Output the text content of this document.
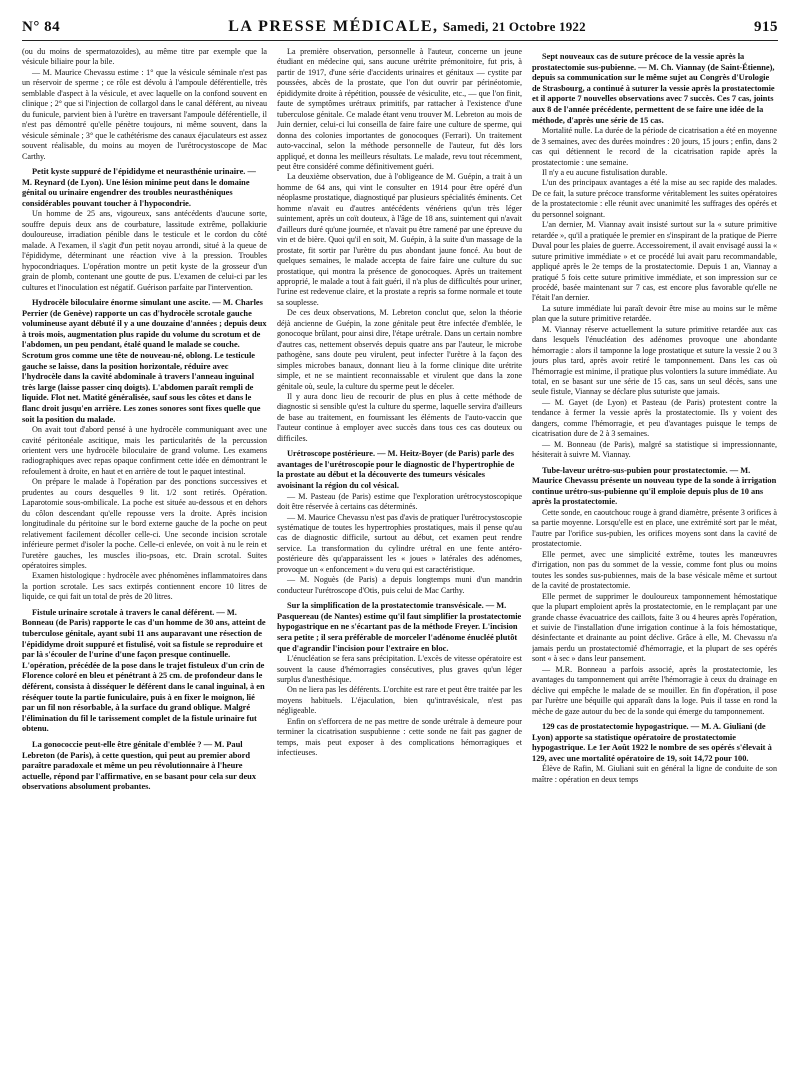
N° 84	LA PRESSE MÉDICALE, Samedi, 21 Octobre 1922	915

(ou du moins de spermatozoïdes), au même titre par exemple que la vésicule biliaire pour la bile.

— M. Maurice Chevassu estime : 1° que la vésicule séminale n'est pas un réservoir de sperme ; ce rôle est dévolu à l'ampoule déférentielle, très semblable d'aspect à la vésicule, et avec laquelle on la confond souvent en clinique ; 2° que si l'injection de collargol dans le canal déférent, au niveau du funicule, parvient bien à l'urètre en traversant l'ampoule déférentielle, il n'est pas démontré qu'elle pénètre toujours, ni même souvent, dans la vésicule séminale ; 3° que le cathétérisme des canaux éjaculateurs est assez souvent réalisable, du moins au moyen de l'urétrocystoscope de Mac Carthy.

Petit kyste suppuré de l'épididyme et neurasthénie urinaire. — M. Reynard (de Lyon). Une lésion minime peut dans le domaine génital ou urinaire engendrer des troubles neurasthéniques considérables pouvant toucher à l'hypocondrie.

Un homme de 25 ans, vigoureux, sans antécédents d'aucune sorte, souffre depuis deux ans de courbature, lassitude extrême, pollakiurie douloureuse, irradiation pénible dans le testicule et le cordon du côté malade. A l'examen, il s'agit d'un petit noyau arrondi, situé à la queue de l'épididyme, déterminant une réaction vive à la pression. Troubles hypocondriaques. L'opération montre un petit kyste de la grosseur d'un grain de plomb, contenant une goutte de pus. L'examen de celui-ci par les cultures et l'inoculation est négatif. Guérison parfaite par l'intervention.

Hydrocèle biloculaire énorme simulant une ascite. — M. Charles Perrier (de Genève) rapporte un cas d'hydrocèle scrotale gauche volumineuse ayant débuté il y a une douzaine d'années ; depuis deux à trois mois, augmentation plus rapide du volume du scrotum et de l'abdomen, un peu pendant, étalé quand le malade se couche. Scrotum gros comme une tête de nouveau-né, oblong. Le testicule gauche se laisse, dans la position horizontale, réduire avec l'hydrocèle dans la cavité abdominale à travers l'anneau inguinal très large (laisse passer cinq doigts). L'abdomen paraît rempli de liquide. Flot net. Matité généralisée, sauf sous les côtes et dans le flanc droit jusqu'en arrière. Les zones sonores sont fixes quelle que soit la position du malade.

On avait tout d'abord pensé à une hydrocèle communiquant avec une cavité péritonéale ascitique, mais les particularités de la percussion orientent vers une hydrocèle biloculaire de grand volume. Les examens radiographiques avec repas opaque confirment cette idée en démontrant le refoulement à droite, en haut et en arrière de tout le paquet intestinal.

On prépare le malade à l'opération par des ponctions successives et prudentes au cours desquelles 9 lit. 1/2 sont retirés. Opération. Laparotomie sous-ombilicale. La poche est située au-dessous et en dehors du côlon descendant qu'elle repousse vers la droite. Après incision longitudinale du péritoine sur le bord externe gauche de la poche on peut relativement facilement décoller celle-ci. Une seconde incision scrotale inférieure permet d'isoler la poche. Celle-ci enlevée, on voit à nu le rein et l'uretère gauches, les muscles ilio-psoas, etc. Drain scrotal. Suites opératoires simples.

Examen histologique : hydrocèle avec phénomènes inflammatoires dans la portion scrotale. Les sacs extirpés contiennent encore 10 litres de liquide, ce qui fait un total de près de 20 litres.

Fistule urinaire scrotale à travers le canal déférent. — M. Bonneau (de Paris) rapporte le cas d'un homme de 30 ans, atteint de tuberculose génitale, ayant subi 11 ans auparavant une résection de l'épididyme droit suppuré et fistulisé, voit sa fistule se reproduire et par là s'écouler de l'urine d'une façon presque continuelle. L'opération, précédée de la pose dans le trajet fistuleux d'un crin de Florence coloré en bleu et pénétrant à 25 cm. de profondeur dans le déférent, consista à disséquer le déférent dans le canal inguinal, à en réséquer toute la partie funiculaire, puis à en fixer le moignon, lié par un fil non résorbable, à la surface du grand oblique. Malgré l'élimination du fil le tarissement complet de la fistule urinaire fut obtenu.
La gonococcie peut-elle être génitale d'emblée ? — M. Paul Lebreton (de Paris), à cette question, qui peut au premier abord paraître paradoxale et même un peu révolutionnaire à l'heure actuelle, répond par l'affirmative, en se basant pour cela sur deux observations absolument probantes.

La première observation, personnelle à l'auteur, concerne un jeune étudiant en médecine qui, sans aucune urétrite prémonitoire, fut pris, à partir de 1917, d'une série d'accidents urinaires et génitaux — cystite par poussées, abcès de la prostate, que l'on dut ouvrir par périnéotomie, épididymite droite à répétition, poussée de vésiculite, etc., — que l'on finit, faute de symptômes urétraux primitifs, par rattacher à l'existence d'une tuberculose génitale. Ce malade étant venu trouver M. Lebreton au mois de Juin dernier, celui-ci lui conseilla de faire faire une culture de sperme, qui donna des colonies importantes de gonocoques (Ferrari). Un traitement auto-vaccinal, selon la méthode personnelle de l'auteur, fut dès lors appliqué, et donna les meilleurs résultats. Le malade, revu tout récemment, peut être considéré comme définitivement guéri.

La deuxième observation, due à l'obligeance de M. Guépin, a trait à un homme de 64 ans, qui vint le consulter en 1914 pour être opéré d'un néoplasme prostatique, diagnostiqué par plusieurs spécialités éminents. Cet homme n'avait eu d'autres antécédents vénériens qu'un très léger suintement, après un coït douteux, à l'âge de 18 ans, suintement qui n'avait d'ailleurs duré qu'une journée, et n'avait pu être ramené par une épreuve du vin et de bière. Quoi qu'il en soit, M. Guépin, à la suite d'un massage de la prostate, fit sortir par l'urètre du pus abondant jaune foncé. Au bout de quelques semaines, le malade accepta de faire faire une culture du suc prostatique, qui montra la présence de gonocoques. Après un traitement approprié, le malade a tout à fait guéri, il n'a plus de difficultés pour uriner, l'urine est redevenue claire, et la prostate a repris sa forme normale et toute sa souplesse.

De ces deux observations, M. Lebreton conclut que, selon la théorie déjà ancienne de Guépin, la zone génitale peut être infectée d'emblée, le gonocoque brûlant, pour ainsi dire, l'étape urétrale. Dans un certain nombre d'autres cas, nettement observés depuis quatre ans par l'auteur, le microbe pathogène, sans doute peu virulent, peut infecter l'urètre à la façon des simples microbes banaux, donnant lieu à la forme clinique dite urétrite simple, et ne se maintient reconnaissable et virulent que dans la zone génitale où, seule, la culture du sperme peut le déceler.

Il y aura donc lieu de recourir de plus en plus à cette méthode de diagnostic si sensible qu'est la culture du sperme, laquelle servira d'ailleurs de base au traitement, en fournissant les éléments de l'auto-vaccin que l'auteur continue à employer avec succès dans tous ces cas douteux ou difficiles.

Urétroscope postérieure. — M. Heitz-Boyer (de Paris) parle des avantages de l'urétroscopie pour le diagnostic de l'hypertrophie de la prostate au début et la découverte des tumeurs vésicales avoisinant la région du col vésical.

— M. Pasteau (de Paris) estime que l'exploration urétrocystoscopique doit être réservée à certains cas déterminés.

— M. Maurice Chevassu n'est pas d'avis de pratiquer l'urétrocystoscopie systématique de toutes les hypertrophies prostatiques, mais il pense qu'au cas de diagnostic difficile, surtout au début, cet examen peut rendre service. La transformation du cylindre urétral en une fente antéro-postérieure dès qu'apparaissent les « joues » latérales des adénomes, provoque un « enfoncement » du veru qui est caractéristique.

— M. Noguès (de Paris) a depuis longtemps muni d'un mandrin conducteur l'urétroscope d'Otis, puis celui de Mac Carthy.

Sur la simplification de la prostatectomie transvésicale. — M. Pasquereau (de Nantes) estime qu'il faut simplifier la prostatectomie hypogastrique en ne s'écartant pas de la méthode Freyer. L'incision sera petite ; il sera préférable de morceler l'adénome énucléé plutôt que d'agrandir l'incision pour l'extraire en bloc.

L'énucléation se fera sans précipitation. L'excès de vitesse opératoire est souvent la cause d'hémorragies consécutives, plus graves qu'un léger surplus d'anesthésique.

On ne liera pas les déférents. L'orchite est rare et peut être traitée par les moyens habituels. L'éjaculation, bien qu'intravésicale, n'est pas négligeable.

Enfin on s'efforcera de ne pas mettre de sonde urétrale à demeure pour terminer la cicatrisation suspubienne : cette sonde ne fait pas gagner de temps, mais peut exposer à des complications hémorragiques et infectieuses.

Sept nouveaux cas de suture précoce de la vessie après la prostatectomie sus-pubienne. — M. Ch. Viannay (de Saint-Étienne), depuis sa communication sur le même sujet au Congrès d'Urologie de Strasbourg, a continué à suturer la vessie après la prostatectomie et il apporte 7 nouvelles observations avec 7 succès. Ces 7 cas, joints aux 8 de l'année précédente, permettent de se faire une idée de la méthode, d'après une série de 15 cas.

Mortalité nulle. La durée de la période de cicatrisation a été en moyenne de 3 semaines, avec des durées moindres : 20 jours, 15 jours ; enfin, dans 2 cas qui détiennent le record de la cicatrisation rapide après la prostatectomie : une semaine.

Il n'y a eu aucune fistulisation durable.

L'un des principaux avantages a été la mise au sec rapide des malades. De ce fait, la suture précoce transforme véritablement les suites opératoires de la prostatectomie : elle réunit avec unanimité les suffrages des opérés et du personnel soignant.

L'an dernier, M. Viannay avait insisté surtout sur la « suture primitive retardée », qu'il a pratiquée le premier en s'inspirant de la pratique de Pierre Duval pour les plaies de guerre. Accessoirement, il avait envisagé aussi la « suture primitive immédiate » et ce procédé lui avait paru recommandable, appliqué après le 2e temps de la prostatectomie. Depuis 1 an, Viannay a pratiqué 5 fois cette suture primitive immédiate, et son impression sur ce procédé, basée maintenant sur 7 cas, est encore plus favorable qu'elle ne l'était l'an dernier.

La suture immédiate lui paraît devoir être mise au moins sur le même plan que la suture primitive retardée.

M. Viannay réserve actuellement la suture primitive retardée aux cas dans lesquels l'énucléation des adénomes provoque une abondante hémorragie : alors il tamponne la loge prostatique et suture la vessie 2 ou 3 jours plus tard, après avoir retiré le tamponnement. Dans les cas où l'hémorragie est minime, il pratique plus volontiers la suture immédiate. Au total, en se basant sur une série de 15 cas, sans un seul décès, sans une seule fistule, Viannay se déclare plus suturiste que jamais.

— M. Gayet (de Lyon) et Pasteau (de Paris) protestent contre la tendance à fermer la vessie après la prostatectomie. Ils y voient des dangers, comme l'hémorragie, et peu d'avantages puisque le temps de cicatrisation dure de 2 à 3 semaines.

— M. Bonneau (de Paris), malgré sa statistique si impressionnante, hésiterait à suivre M. Viannay.

Tube-laveur urétro-sus-pubien pour prostatectomie. — M. Maurice Chevassu présente un nouveau type de la sonde à irrigation continue urétro-sus-pubienne qu'il emploie depuis plus de 10 ans après la prostatectomie.

Cette sonde, en caoutchouc rouge à grand diamètre, présente 3 orifices à sa partie moyenne. Lorsqu'elle est en place, une extrémité sort par le méat, l'autre par l'orifice sus-pubien, les orifices moyens sont dans la cavité de prostatectomie.

Elle permet, avec une simplicité extrême, toutes les manœuvres d'irrigation, non pas du sommet de la vessie, comme font plus ou moins toutes les sondes sus-pubiennes, mais de la base vésicale même et surtout de la cavité de prostatectomie.

Elle permet de supprimer le douloureux tamponnement hémostatique que la plupart emploient après la prostatectomie, en le remplaçant par une grande chasse évacuatrice des caillots, faite 3 ou 4 heures après l'opération, et suivie de l'installation d'une irrigation continue à la fois hémostatique, désinfectante et drainante au point déclive. Grâce à elle, M. Chevassu n'a jamais perdu un prostatectomié d'hémorragie, et la plupart de ses opérés sont « à sec » dans leur pansement.

— M.R. Bonneau a parfois associé, après la prostatectomie, les avantages du tamponnement qui arrête l'hémorragie à ceux du drainage en déclive qui empêche le malade de se mouiller. En fin d'opération, il pose par l'urètre une béquille qui apparaît dans la loge. Puis il tasse en rond la mèche de gaze autour du bec de la sonde qui émerge du tamponnement.

129 cas de prostatectomie hypogastrique. — M. A. Giuliani (de Lyon) apporte sa statistique opératoire de prostatectomie hypogastrique. Le 1er Août 1922 le nombre de ses opérés s'élevait à 129, avec une mortalité opératoire de 19, soit 14,72 pour 100.

Élève de Rafin, M. Giuliani suit en général la ligne de conduite de son maître : opération en deux temps
